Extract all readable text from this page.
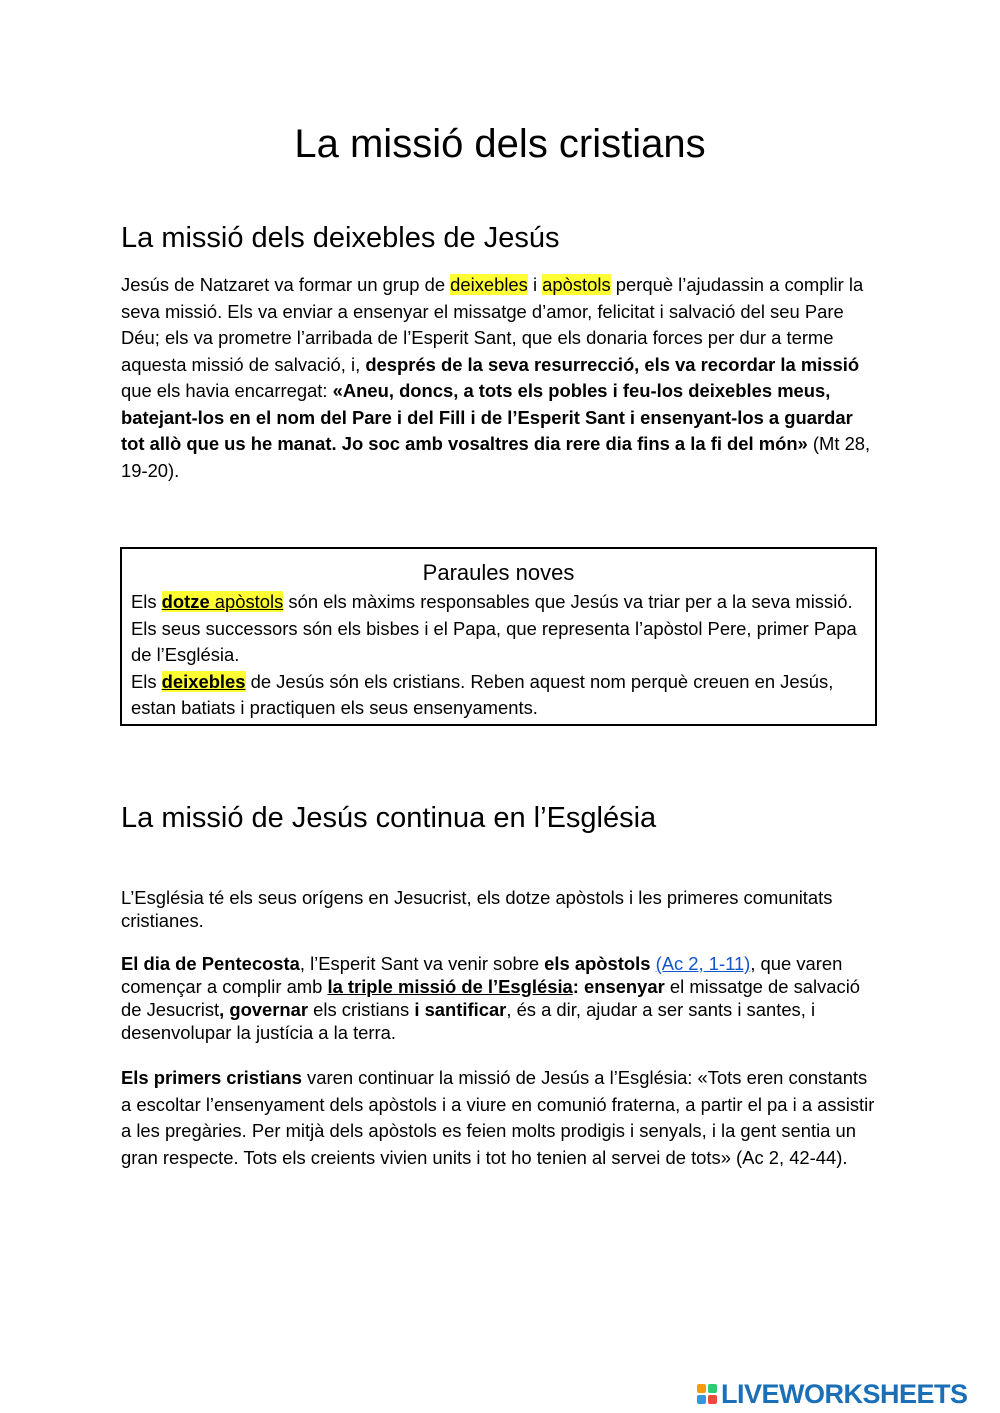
La missió dels cristians
La missió dels deixebles de Jesús

Jesús de Natzaret va formar un grup de deixebles i apòstols perquè l’ajudassin a complir la seva missió. Els va enviar a ensenyar el missatge d’amor, felicitat i salvació del seu Pare Déu; els va prometre l’arribada de l’Esperit Sant, que els donaria forces per dur a terme aquesta missió de salvació, i, després de la seva resurrecció, els va recordar la missió que els havia encarregat: «Aneu, doncs, a tots els pobles i feu-los deixebles meus, batejant-los en el nom del Pare i del Fill i de l’Esperit Sant i ensenyant-los a guardar tot allò que us he manat. Jo soc amb vosaltres dia rere dia fins a la fi del món» (Mt 28, 19-20).

Paraules noves

Els dotze apòstols són els màxims responsables que Jesús va triar per a la seva missió. Els seus successors són els bisbes i el Papa, que representa l’apòstol Pere, primer Papa de l’Església.
Els deixebles de Jesús són els cristians. Reben aquest nom perquè creuen en Jesús, estan batiats i practiquen els seus ensenyaments.

La missió de Jesús continua en l’Església

L’Església té els seus orígens en Jesucrist, els dotze apòstols i les primeres comunitats cristianes.

El dia de Pentecosta, l’Esperit Sant va venir sobre els apòstols (Ac 2, 1-11), que varen començar a complir amb la triple missió de l’Església: ensenyar el missatge de salvació de Jesucrist, governar els cristians i santificar, és a dir, ajudar a ser sants i santes, i desenvolupar la justícia a la terra.

Els primers cristians varen continuar la missió de Jesús a l’Església: «Tots eren constants a escoltar l’ensenyament dels apòstols i a viure en comunió fraterna, a partir el pa i a assistir a les pregàries. Per mitjà dels apòstols es feien molts prodigis i senyals, i la gent sentia un gran respecte. Tots els creients vivien units i tot ho tenien al servei de tots» (Ac 2, 42-44).

LIVEWORKSHEETS
